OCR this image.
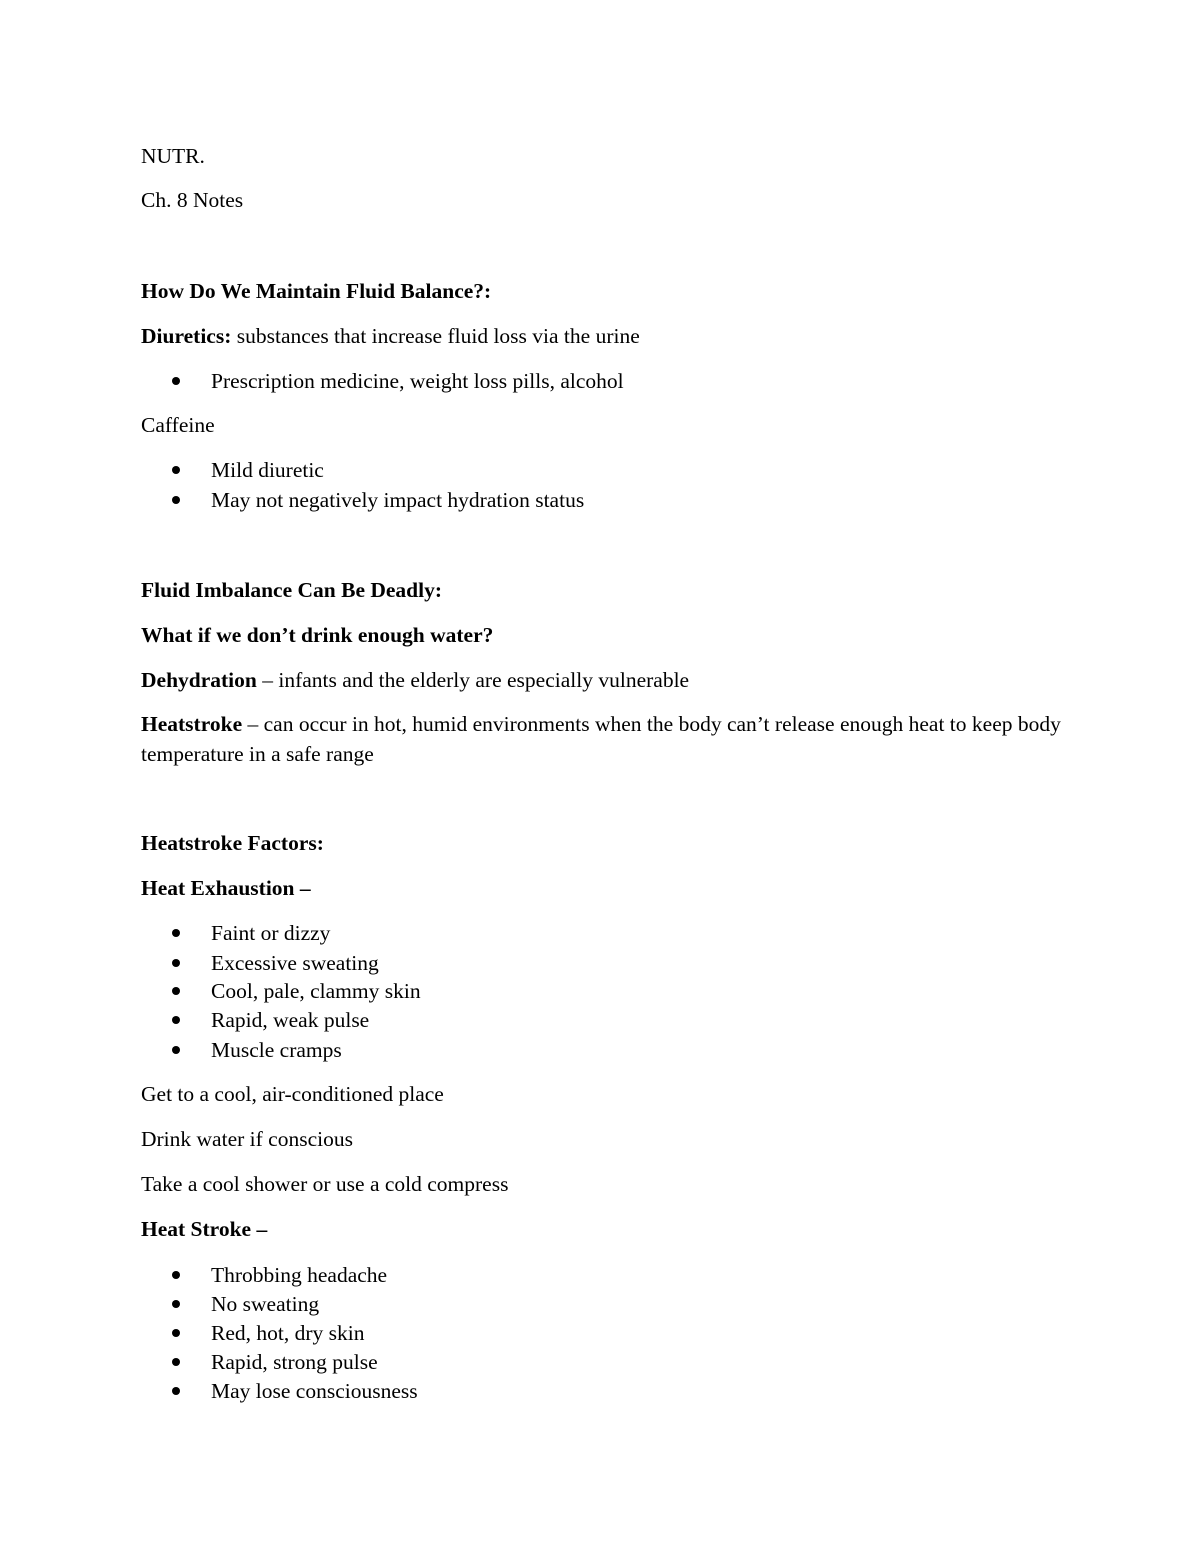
NUTR.
Ch. 8 Notes
How Do We Maintain Fluid Balance?:
Diuretics: substances that increase fluid loss via the urine
Prescription medicine, weight loss pills, alcohol
Caffeine
Mild diuretic
May not negatively impact hydration status
Fluid Imbalance Can Be Deadly:
What if we don’t drink enough water?
Dehydration – infants and the elderly are especially vulnerable
Heatstroke – can occur in hot, humid environments when the body can’t release enough heat to keep body temperature in a safe range
Heatstroke Factors:
Heat Exhaustion –
Faint or dizzy
Excessive sweating
Cool, pale, clammy skin
Rapid, weak pulse
Muscle cramps
Get to a cool, air-conditioned place
Drink water if conscious
Take a cool shower or use a cold compress
Heat Stroke –
Throbbing headache
No sweating
Red, hot, dry skin
Rapid, strong pulse
May lose consciousness
